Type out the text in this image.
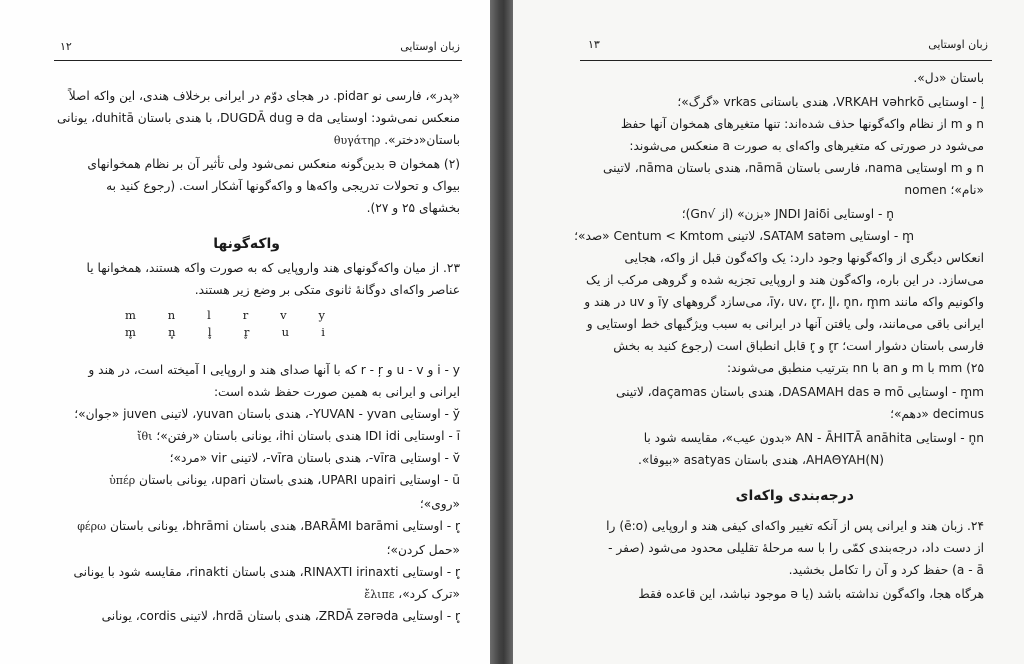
زبان اوستایی
۱۲
«پدر»، فارسی نو pidar. در هجای دوّم در ایرانی برخلاف هندی، این واکه اصلاً
منعکس نمی‌شود: اوستایی DUGDĀ dug ə da، با هندی باستان duhitā، یونانی
باستان«دختر». θυγάτηρ
(۲) همخوان ə بدین‌گونه منعکس نمی‌شود ولی تأثیر آن بر نظام همخوانهای
بیواک و تحولات تدریجی واکه‌ها و واکه‌گونها آشکار است. (رجوع کنید به
بخشهای ۲۵ و ۲۷).
واکه‌گونها
۲۳. از میان واکه‌گونهای هند واروپایی که به صورت واکه هستند، همخوانها یا
عناصر واکه‌ای دوگانهٔ ثانوی متکی بر وضع زیر هستند.
m	n	l	r	v	y
m̥	n̥	l̥	r̥	u	i
i - y و u - v و r - ŗ که با آنها صدای هند و اروپایی I آمیخته است، در هند و
ایرانی و ایرانی به همین صورت حفظ شده است:
y̆ - اوستایی YUVAN - yvan-، هندی باستان yuvan، لاتینی juven «جوان»؛
ī - اوستایی IDI idi هندی باستان ihi، یونانی باستان «رفتن»؛ ἴθι
v̆ - اوستایی vīra-، هندی باستان vīra-، لاتینی vir «مرد»؛
ū - اوستایی UPARI upairi، هندی باستان upari، یونانی باستان ὑπέρ
«روی»؛
r̥ - اوستایی BARĀMI barāmi، هندی باستان bhrāmi، یونانی باستان φέρω
«حمل کردن»؛
r̥ - اوستایی RINAXTI irinaxti، هندی باستان rinakti، مقایسه شود با یونانی
«ترک کرد»، ἔλιπε
r̥ - اوستایی ZRDĀ zərəda، هندی باستان hrdā، لاتینی cordis، یونانی
زبان اوستایی
۱۳
باستان «دل».
l̥ - اوستایی VRKAH vəhrkō، هندی باستانی vrkas «گرگ»؛
n و m از نظام واکه‌گونها حذف شده‌اند: تنها متغیرهای همخوان آنها حفظ
می‌شود در صورتی که متغیرهای واکه‌ای به صورت a منعکس می‌شوند:
n و m اوستایی nama، فارسی باستان nāmā، هندی باستان nāma، لاتینی
«نام»؛ nomen
n̥ - اوستایی JNDI Jaiδi «بزن» (از √Gn)؛
m̥ - اوستایی SATAM satəm، لاتینی Centum < Kmtom «صد»؛
انعکاس دیگری از واکه‌گونها وجود دارد: یک واکه‌گون قبل از واکه، هجایی
می‌سازد. در این باره، واکه‌گون هند و اروپایی تجزیه شده و گروهی مرکب از یک
واکونیم واکه مانند īy، uv، r̥r، l̥l، n̥n، m̥m، می‌سازد گروههای īy و uv در هند و
ایرانی باقی می‌مانند، ولی یافتن آنها در ایرانی به سبب ویژگیهای خط اوستایی و
فارسی باستان دشوار است؛ r̥r و r̥ قابل انطباق است (رجوع کنید به بخش
۲۵) mm با m و an با nn بترتیب منطبق می‌شوند:
m̥m - اوستایی DASAMAH das ə mō، هندی باستان daçamas، لاتینی
decimus «دهم»؛
n̥n - اوستایی AN - ĀHITĀ anāhita «بدون عیب»، مقایسه شود با
AHAΘYAH(N)، هندی باستان asatyas «بیوفا».
درجه‌بندی واکه‌ای
۲۴. زبان هند و ایرانی پس از آنکه تغییر واکه‌ای کیفی هند و اروپایی (ē:o) را
از دست داد، درجه‌بندی کمّی را با سه مرحلهٔ تقلیلی محدود می‌شود (صفر -
a - ā) حفظ کرد و آن را تکامل بخشید.
هرگاه هجا، واکه‌گون نداشته باشد (یا ə موجود نباشد، این قاعده فقط
